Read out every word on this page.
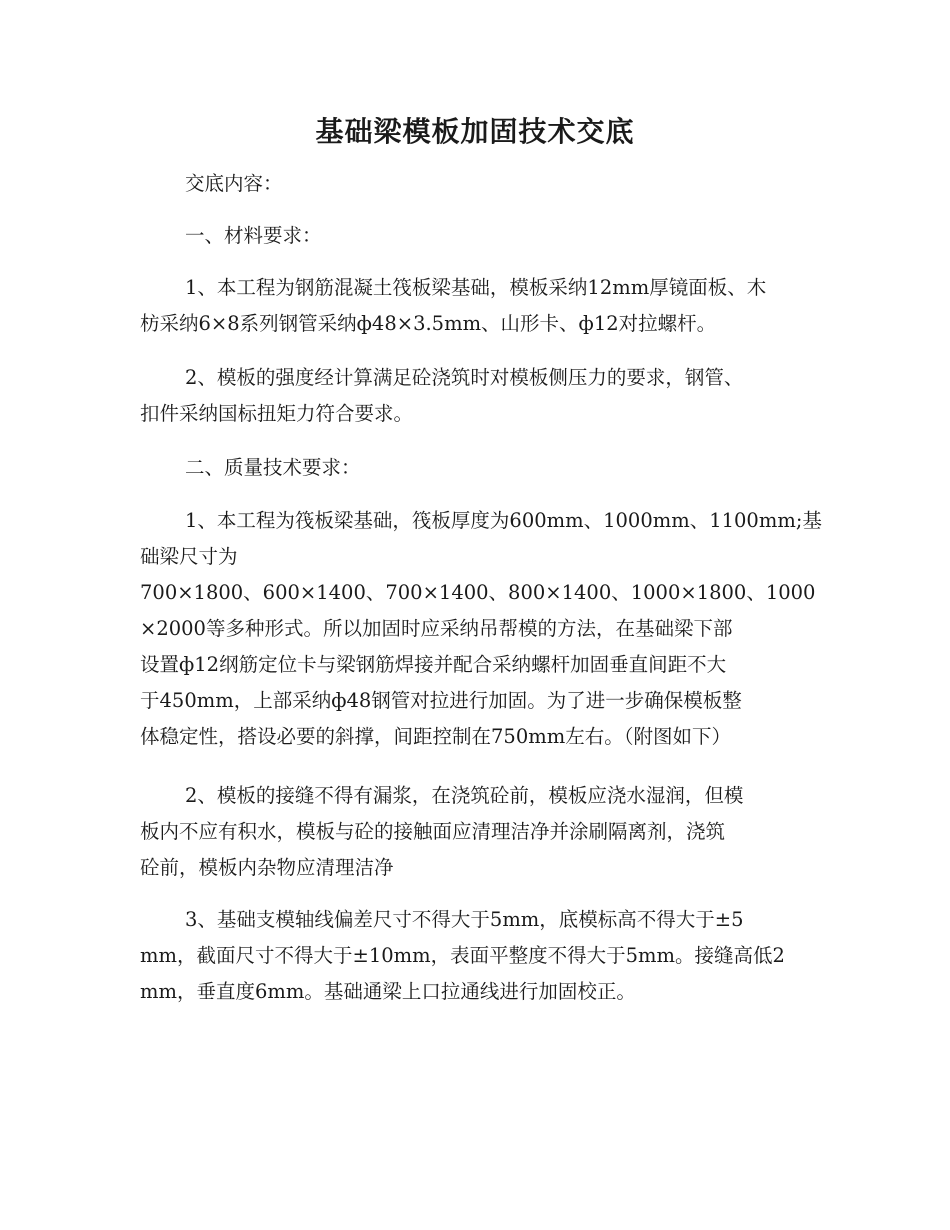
基础梁模板加固技术交底
交底内容：
一、材料要求：
1、本工程为钢筋混凝土筏板梁基础，模板采纳12mm厚镜面板、木
枋采纳6×8系列钢管采纳ф48×3.5mm、山形卡、ф12对拉螺杆。
2、模板的强度经计算满足砼浇筑时对模板侧压力的要求，钢管、
扣件采纳国标扭矩力符合要求。
二、质量技术要求：
1、本工程为筏板梁基础，筏板厚度为600mm、1000mm、1100mm;基
础梁尺寸为
700×1800、600×1400、700×1400、800×1400、1000×1800、1000
×2000等多种形式。所以加固时应采纳吊帮模的方法，在基础梁下部
设置ф12纲筋定位卡与梁钢筋焊接并配合采纳螺杆加固垂直间距不大
于450mm，上部采纳ф48钢管对拉进行加固。为了进一步确保模板整
体稳定性，搭设必要的斜撑，间距控制在750mm左右。（附图如下）
2、模板的接缝不得有漏浆，在浇筑砼前，模板应浇水湿润，但模
板内不应有积水，模板与砼的接触面应清理洁净并涂刷隔离剂，浇筑
砼前，模板内杂物应清理洁净
3、基础支模轴线偏差尺寸不得大于5mm，底模标高不得大于±5
mm，截面尺寸不得大于±10mm，表面平整度不得大于5mm。接缝高低2
mm，垂直度6mm。基础通梁上口拉通线进行加固校正。
